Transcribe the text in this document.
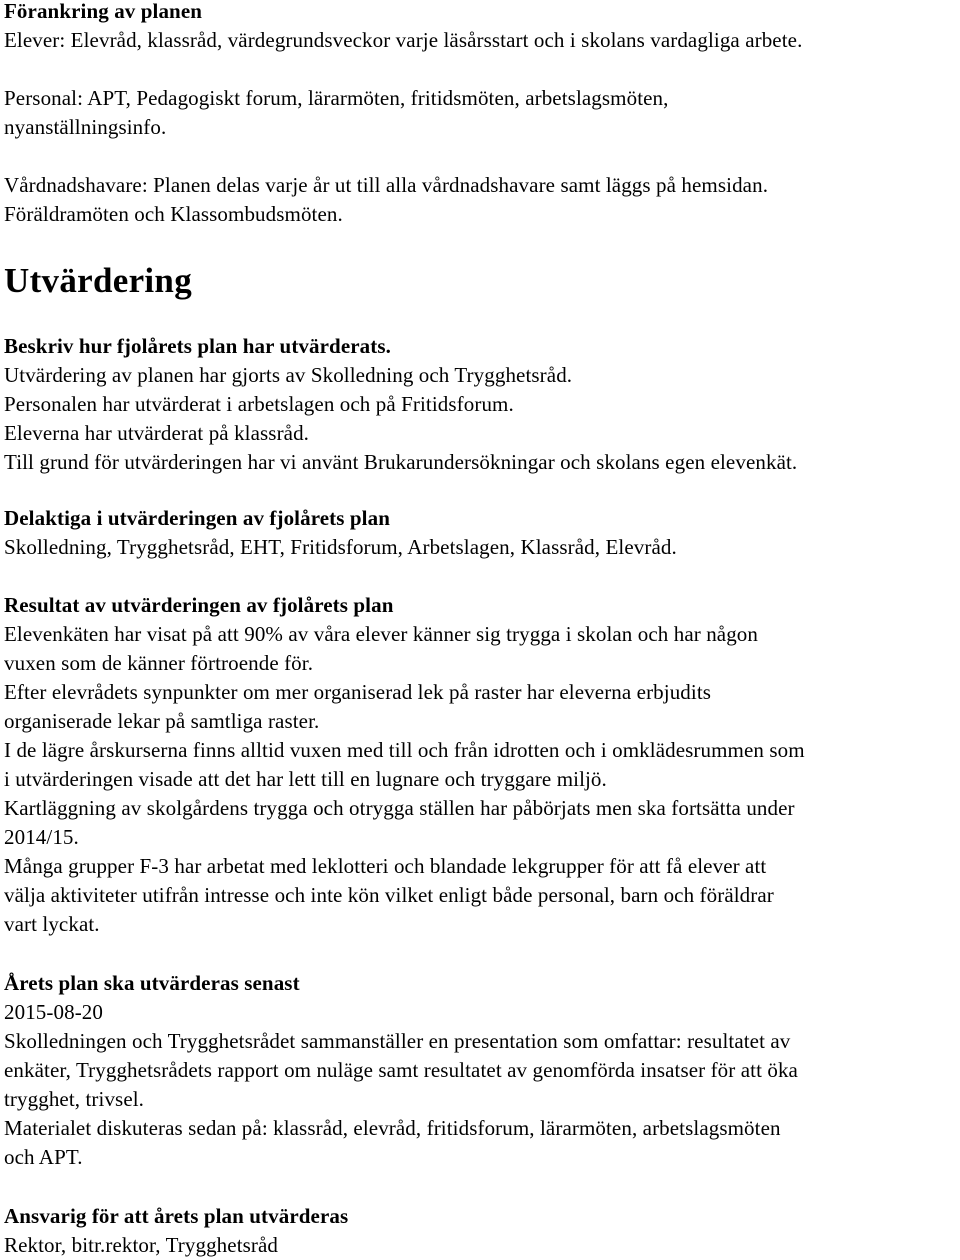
Förankring av planen
Elever: Elevråd, klassråd, värdegrundsveckor varje läsårsstart och i skolans vardagliga arbete.
Personal: APT, Pedagogiskt forum, lärarmöten, fritidsmöten, arbetslagsmöten,
nyanställningsinfo.
Vårdnadshavare: Planen delas varje år ut till alla vårdnadshavare samt läggs på hemsidan.
Föräldramöten och Klassombudsmöten.
Utvärdering
Beskriv hur fjolårets plan har utvärderats.
Utvärdering av planen har gjorts av Skolledning och Trygghetsråd.
Personalen har utvärderat i arbetslagen och på Fritidsforum.
Eleverna har utvärderat på klassråd.
Till grund för utvärderingen har vi använt Brukarundersökningar och skolans egen elevenkät.
Delaktiga i utvärderingen av fjolårets plan
Skolledning, Trygghetsråd, EHT, Fritidsforum, Arbetslagen, Klassråd, Elevråd.
Resultat av utvärderingen av fjolårets plan
Elevenkäten har visat på att 90% av våra elever känner sig trygga i skolan och har någon
vuxen som de känner förtroende för.
Efter elevrådets synpunkter om mer organiserad lek på raster har eleverna erbjudits
organiserade lekar på samtliga raster.
I de lägre årskurserna finns alltid vuxen med till och från idrotten och i omklädesrummen som
i utvärderingen visade att det har lett till en lugnare och tryggare miljö.
Kartläggning av skolgårdens trygga och otrygga ställen har påbörjats men ska fortsätta under
2014/15.
Många grupper F-3 har arbetat med leklotteri och blandade lekgrupper för att få elever att
välja aktiviteter utifrån intresse och inte kön vilket enligt både personal, barn och föräldrar
vart lyckat.
Årets plan ska utvärderas senast
2015-08-20
Skolledningen och Trygghetsrådet sammanställer en presentation som omfattar: resultatet av
enkäter, Trygghetsrådets rapport om nuläge samt resultatet av genomförda insatser för att öka
trygghet, trivsel.
Materialet diskuteras sedan på: klassråd, elevråd, fritidsforum, lärarmöten, arbetslagsmöten
och APT.
Ansvarig för att årets plan utvärderas
Rektor, bitr.rektor, Trygghetsråd
